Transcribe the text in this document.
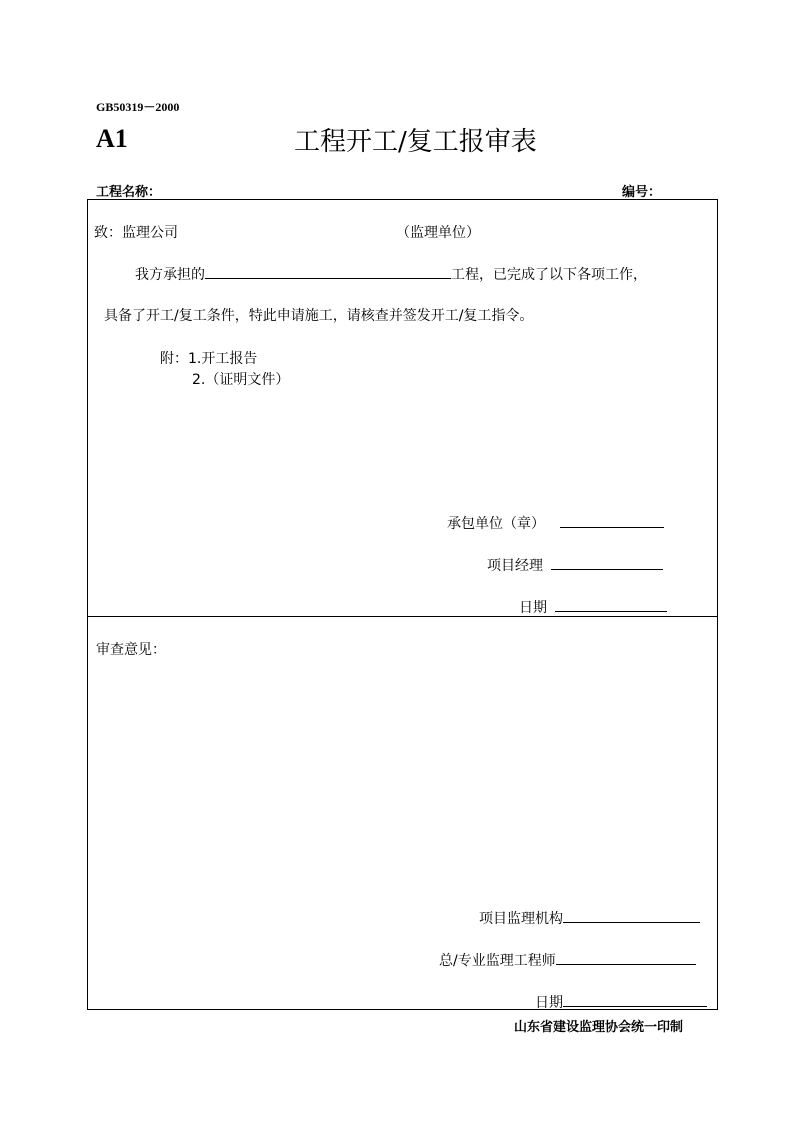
GB50319－2000
A1	工程开工/复工报审表
工程名称：	编号：
致：监理公司	（监理单位）
我方承担的	工程，已完成了以下各项工作，
具备了开工/复工条件，特此申请施工，请核查并签发开工/复工指令。
附：1.开工报告
2.（证明文件）
承包单位（章）
项目经理
日期
审查意见：
项目监理机构
总/专业监理工程师
日期
山东省建设监理协会统一印制
